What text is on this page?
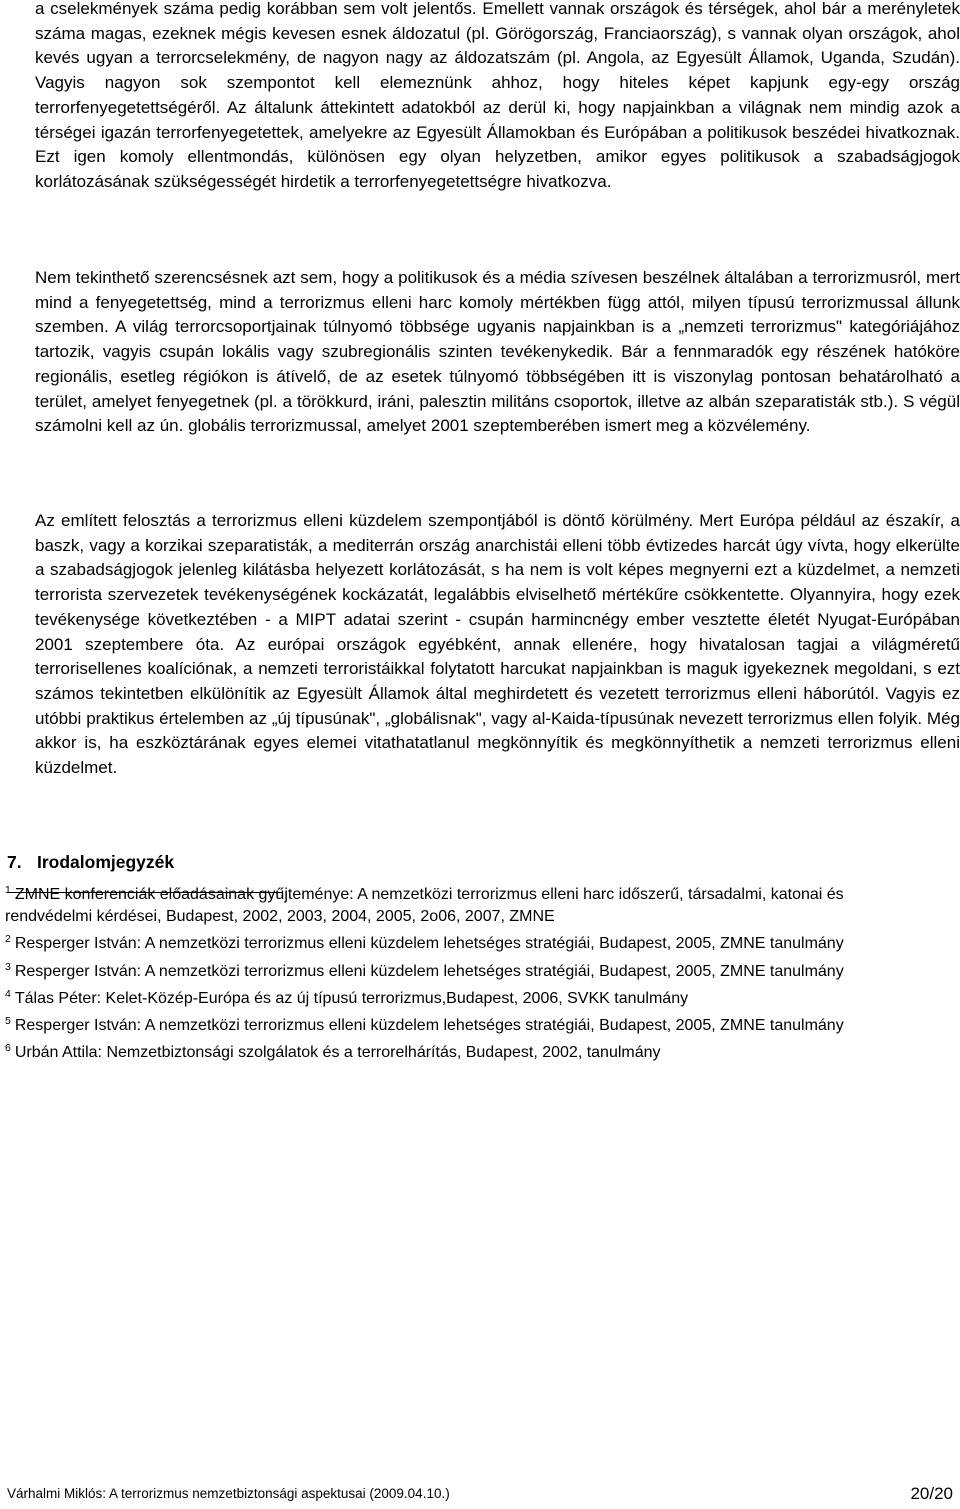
a cselekmények száma pedig korábban sem volt jelentős. Emellett vannak országok és térségek, ahol bár a merényletek száma magas, ezeknek mégis kevesen esnek áldozatul (pl. Görögország, Franciaország), s vannak olyan országok, ahol kevés ugyan a terrorcselekmény, de nagyon nagy az áldozatszám (pl. Angola, az Egyesült Államok, Uganda, Szudán). Vagyis nagyon sok szempontot kell elemeznünk ahhoz, hogy hiteles képet kapjunk egy-egy ország terrorfenyegetettségéről. Az általunk áttekintett adatokból az derül ki, hogy napjainkban a világnak nem mindig azok a térségei igazán terrorfenyegetettek, amelyekre az Egyesült Államokban és Európában a politikusok beszédei hivatkoznak. Ezt igen komoly ellentmondás, különösen egy olyan helyzetben, amikor egyes politikusok a szabadságjogok korlátozásának szükségességét hirdetik a terrorfenyegetettségre hivatkozva.

Nem tekinthető szerencsésnek azt sem, hogy a politikusok és a média szívesen beszélnek általában a terrorizmusról, mert mind a fenyegetettség, mind a terrorizmus elleni harc komoly mértékben függ attól, milyen típusú terrorizmussal állunk szemben. A világ terrorcsoportjainak túlnyomó többsége ugyanis napjainkban is a „nemzeti terrorizmus" kategóriájához tartozik, vagyis csupán lokális vagy szubregionális szinten tevékenykedik. Bár a fennmaradók egy részének hatóköre regionális, esetleg régiókon is átívelő, de az esetek túlnyomó többségében itt is viszonylag pontosan behatárolható a terület, amelyet fenyegetnek (pl. a törökkurd, iráni, palesztin militáns csoportok, illetve az albán szeparatisták stb.). S végül számolni kell az ún. globális terrorizmussal, amelyet 2001 szeptemberében ismert meg a közvélemény.

Az említett felosztás a terrorizmus elleni küzdelem szempontjából is döntő körülmény. Mert Európa például az északír, a baszk, vagy a korzikai szeparatisták, a mediterrán ország anarchistái elleni több évtizedes harcát úgy vívta, hogy elkerülte a szabadságjogok jelenleg kilátásba helyezett korlátozását, s ha nem is volt képes megnyerni ezt a küzdelmet, a nemzeti terrorista szervezetek tevékenységének kockázatát, legalábbis elviselhető mértékűre csökkentette. Olyannyira, hogy ezek tevékenysége következtében - a MIPT adatai szerint - csupán harmincnégy ember vesztette életét Nyugat-Európában 2001 szeptembere óta. Az európai országok egyébként, annak ellenére, hogy hivatalosan tagjai a világméretű terrorisellenes koalíciónak, a nemzeti terroristáikkal folytatott harcukat napjainkban is maguk igyekeznek megoldani, s ezt számos tekintetben elkülönítik az Egyesült Államok által meghirdetett és vezetett terrorizmus elleni háborútól. Vagyis ez utóbbi praktikus értelemben az „új típusúnak", „globálisnak", vagy al-Kaida-típusúnak nevezett terrorizmus ellen folyik. Még akkor is, ha eszköztárának egyes elemei vitathatatlanul megkönnyítik és megkönnyíthetik a nemzeti terrorizmus elleni küzdelmet.

7. Irodalomjegyzék
$^1$ ZMNE konferenciák előadásainak gyűjteménye: A nemzetközi terrorizmus elleni harc időszerű, társadalmi, katonai és rendvédelmi kérdései, Budapest, 2002, 2003, 2004, 2005, 2o06, 2007, ZMNE
$^2$ Resperger István: A nemzetközi terrorizmus elleni küzdelem lehetséges stratégiái, Budapest, 2005, ZMNE tanulmány
$^3$ Resperger István: A nemzetközi terrorizmus elleni küzdelem lehetséges stratégiái, Budapest, 2005, ZMNE tanulmány
$^4$ Tálas Péter: Kelet-Közép-Európa és az új típusú terrorizmus,Budapest, 2006, SVKK tanulmány
$^5$ Resperger István: A nemzetközi terrorizmus elleni küzdelem lehetséges stratégiái, Budapest, 2005, ZMNE tanulmány
$^6$ Urbán Attila: Nemzetbiztonsági szolgálatok és a terrorelhárítás, Budapest, 2002, tanulmány
Várhalmi Miklós: A terrorizmus nemzetbiztonsági aspektusai (2009.04.10.)	20/20
